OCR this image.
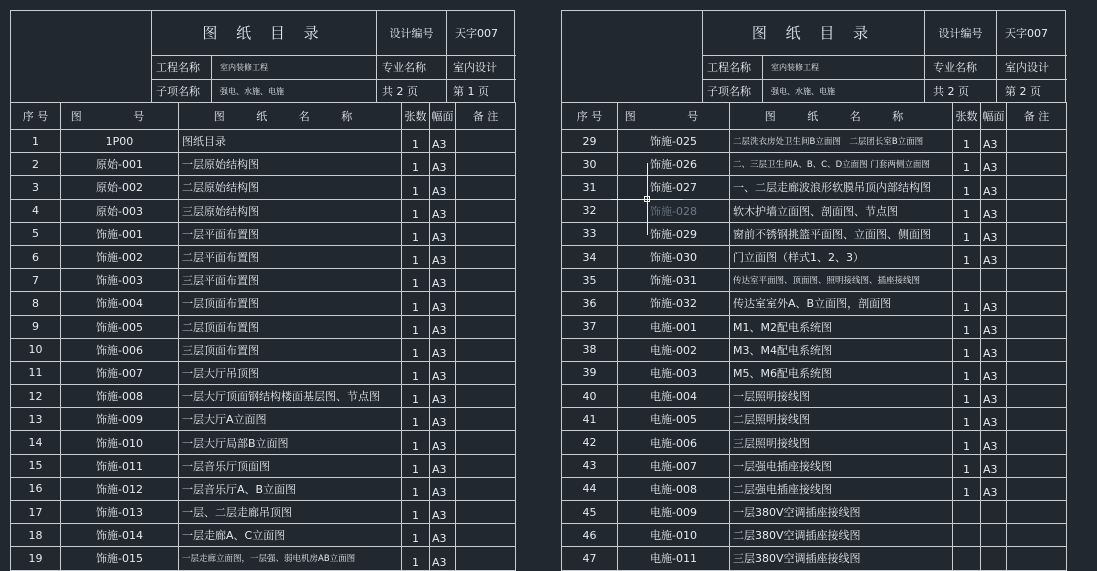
图 纸 目 录	设计编号	天字007
工程名称	室内装修工程	专业名称	室内设计
子项名称	强电、水施、电施	共 2 页	第 1 页
序 号	图 号	图 纸 名 称	张数	幅面	备 注
1	1P00	图纸目录	1	A3	
2	原始-001	一层原始结构图	1	A3	
3	原始-002	二层原始结构图	1	A3	
4	原始-003	三层原始结构图	1	A3	
5	饰施-001	一层平面布置图	1	A3	
6	饰施-002	二层平面布置图	1	A3	
7	饰施-003	三层平面布置图	1	A3	
8	饰施-004	一层顶面布置图	1	A3	
9	饰施-005	二层顶面布置图	1	A3	
10	饰施-006	三层顶面布置图	1	A3	
11	饰施-007	一层大厅吊顶图	1	A3	
12	饰施-008	一层大厅顶面钢结构楼面基层图、节点图	1	A3	
13	饰施-009	一层大厅A立面图	1	A3	
14	饰施-010	一层大厅局部B立面图	1	A3	
15	饰施-011	一层音乐厅顶面图	1	A3	
16	饰施-012	一层音乐厅A、B立面图	1	A3	
17	饰施-013	一层、二层走廊吊顶图	1	A3	
18	饰施-014	一层走廊A、C立面图	1	A3	
19	饰施-015	一层走廊立面图，一层强、弱电机房AB立面图	1	A3	
图 纸 目 录	设计编号	天字007
工程名称	室内装修工程	专业名称	室内设计
子项名称	强电、水施、电施	共 2 页	第 2 页
序 号	图 号	图 纸 名 称	张数	幅面	备 注
29	饰施-025	二层洗衣房处卫生间B立面图　二层团长室B立面图	1	A3	
30	饰施-026	二、三层卫生间A、B、C、D立面图 门套两侧立面图	1	A3	
31	饰施-027	一、二层走廊波浪形软膜吊顶内部结构图	1	A3	
32	饰施-028	软木护墙立面图、剖面图、节点图	1	A3	
33	饰施-029	窗前不锈钢挑篮平面图、立面图、侧面图	1	A3	
34	饰施-030	门立面图（样式1、2、3）	1	A3	
35	饰施-031	传达室平面图、顶面图、照明接线图、插座接线图			
36	饰施-032	传达室室外A、B立面图，剖面图	1	A3	
37	电施-001	M1、M2配电系统图	1	A3	
38	电施-002	M3、M4配电系统图	1	A3	
39	电施-003	M5、M6配电系统图	1	A3	
40	电施-004	一层照明接线图	1	A3	
41	电施-005	二层照明接线图	1	A3	
42	电施-006	三层照明接线图	1	A3	
43	电施-007	一层强电插座接线图	1	A3	
44	电施-008	二层强电插座接线图	1	A3	
45	电施-009	一层380V空调插座接线图			
46	电施-010	二层380V空调插座接线图			
47	电施-011	三层380V空调插座接线图			
